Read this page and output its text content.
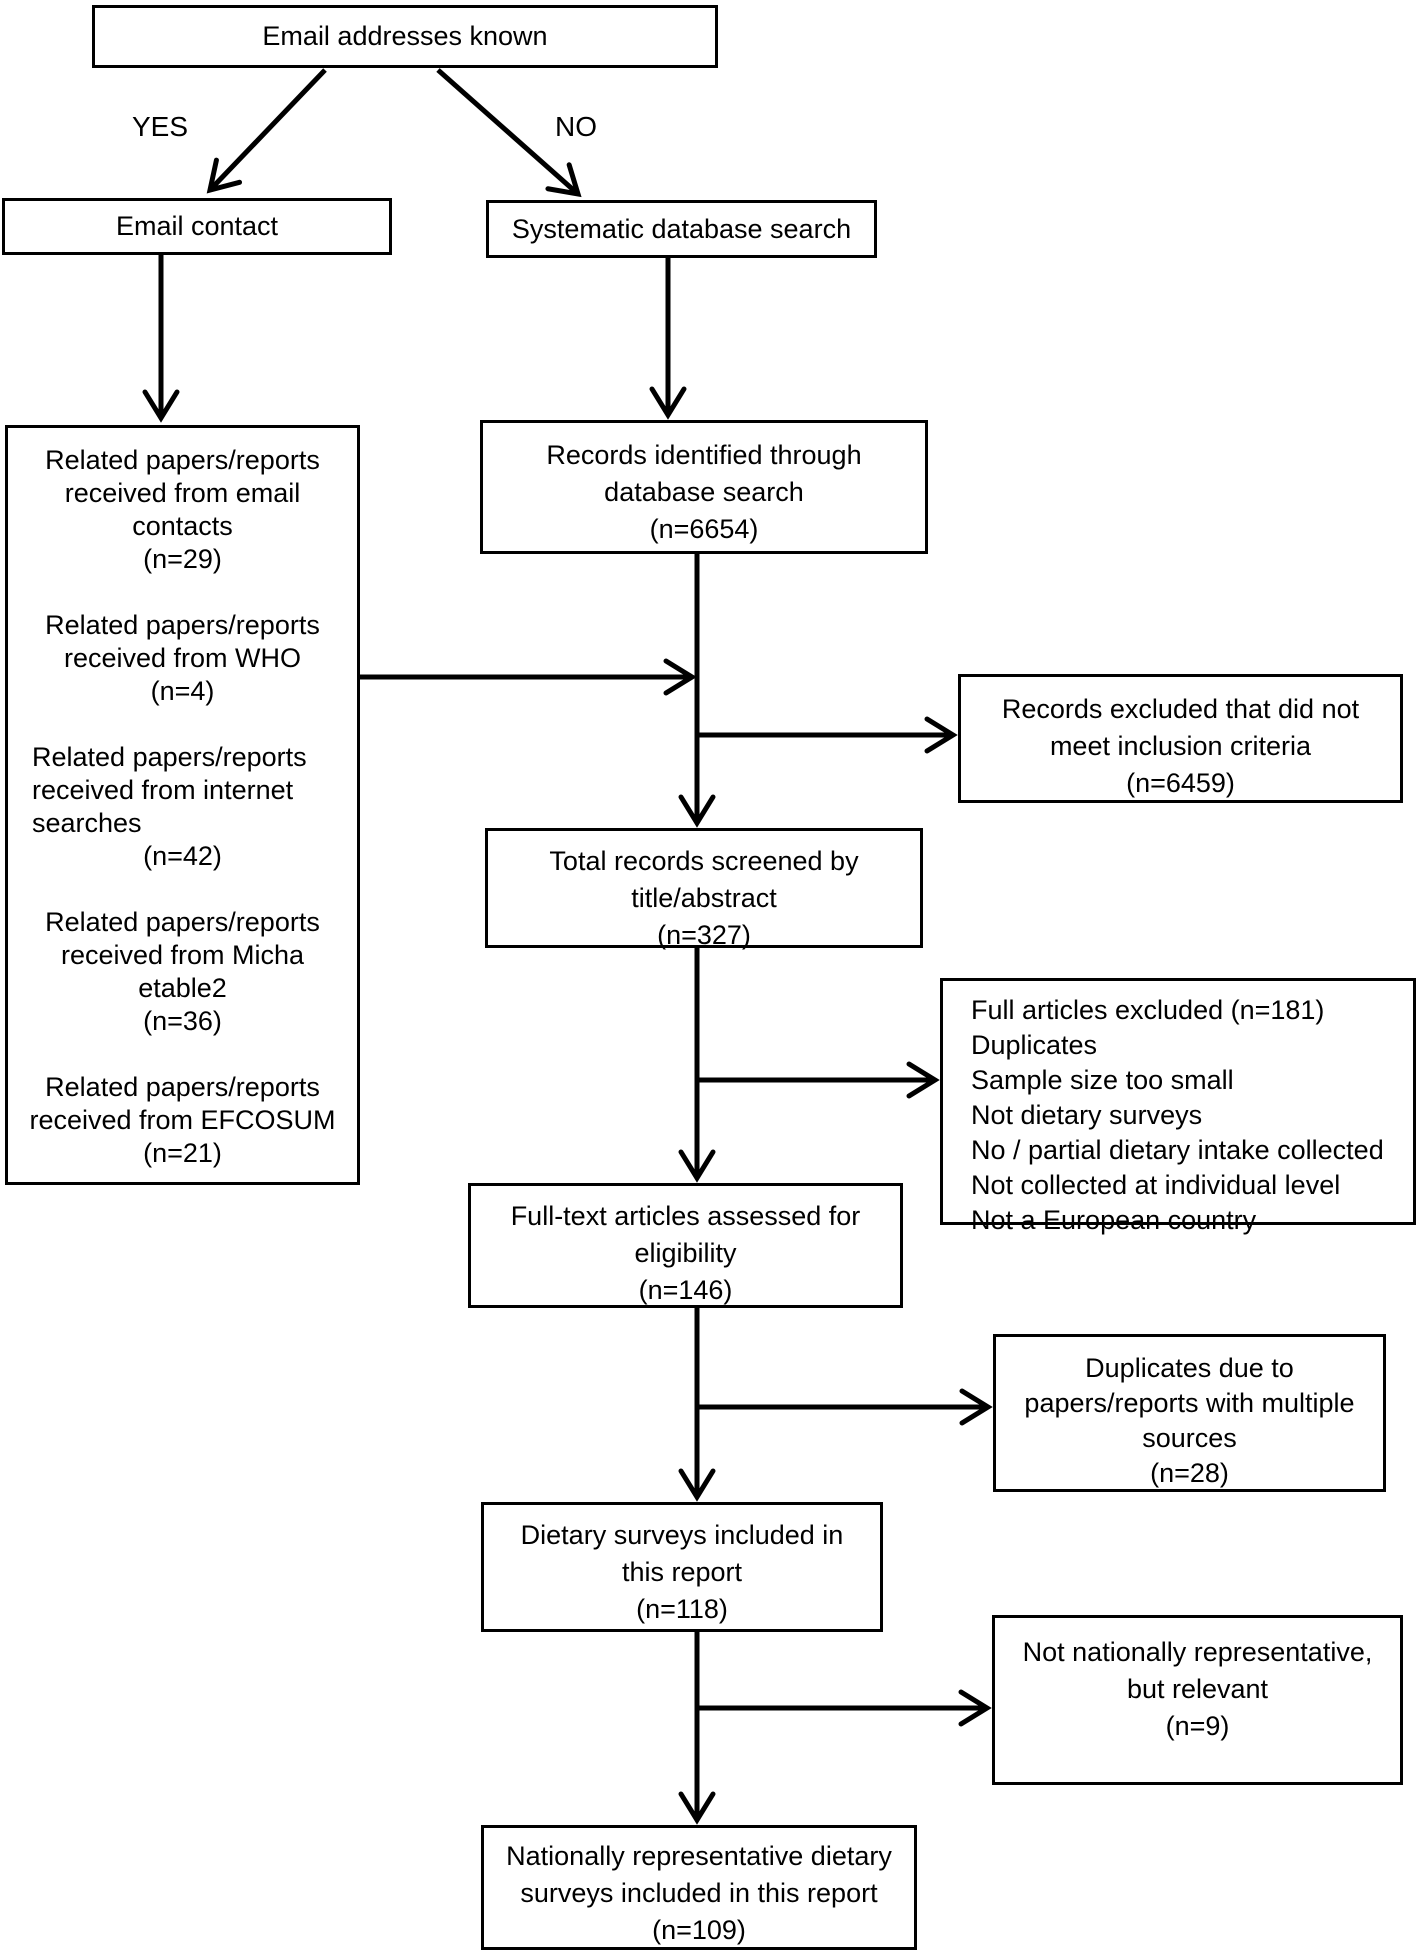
YES	NO
Email addresses known
Email contact	Systematic database search
Related papers/reports
received from email
contacts
(n=29)
Related papers/reports
received from WHO
(n=4)
Related papers/reports
received from internet
searches
(n=42)
Related papers/reports
received from Micha
etable2
(n=36)
Related papers/reports
received from EFCOSUM
(n=21)
Records identified through
database search
(n=6654)
Records excluded that did not
meet inclusion criteria
(n=6459)
Total records screened by
title/abstract
(n=327)
Full articles excluded (n=181)
Duplicates
Sample size too small
Not dietary surveys
No / partial dietary intake collected
Not collected at individual level
Not a European country
Full-text articles assessed for
eligibility
(n=146)
Duplicates due to
papers/reports with multiple
sources
(n=28)
Dietary surveys included in
this report
(n=118)
Not nationally representative,
but relevant
(n=9)
Nationally representative dietary
surveys included in this report
(n=109)
